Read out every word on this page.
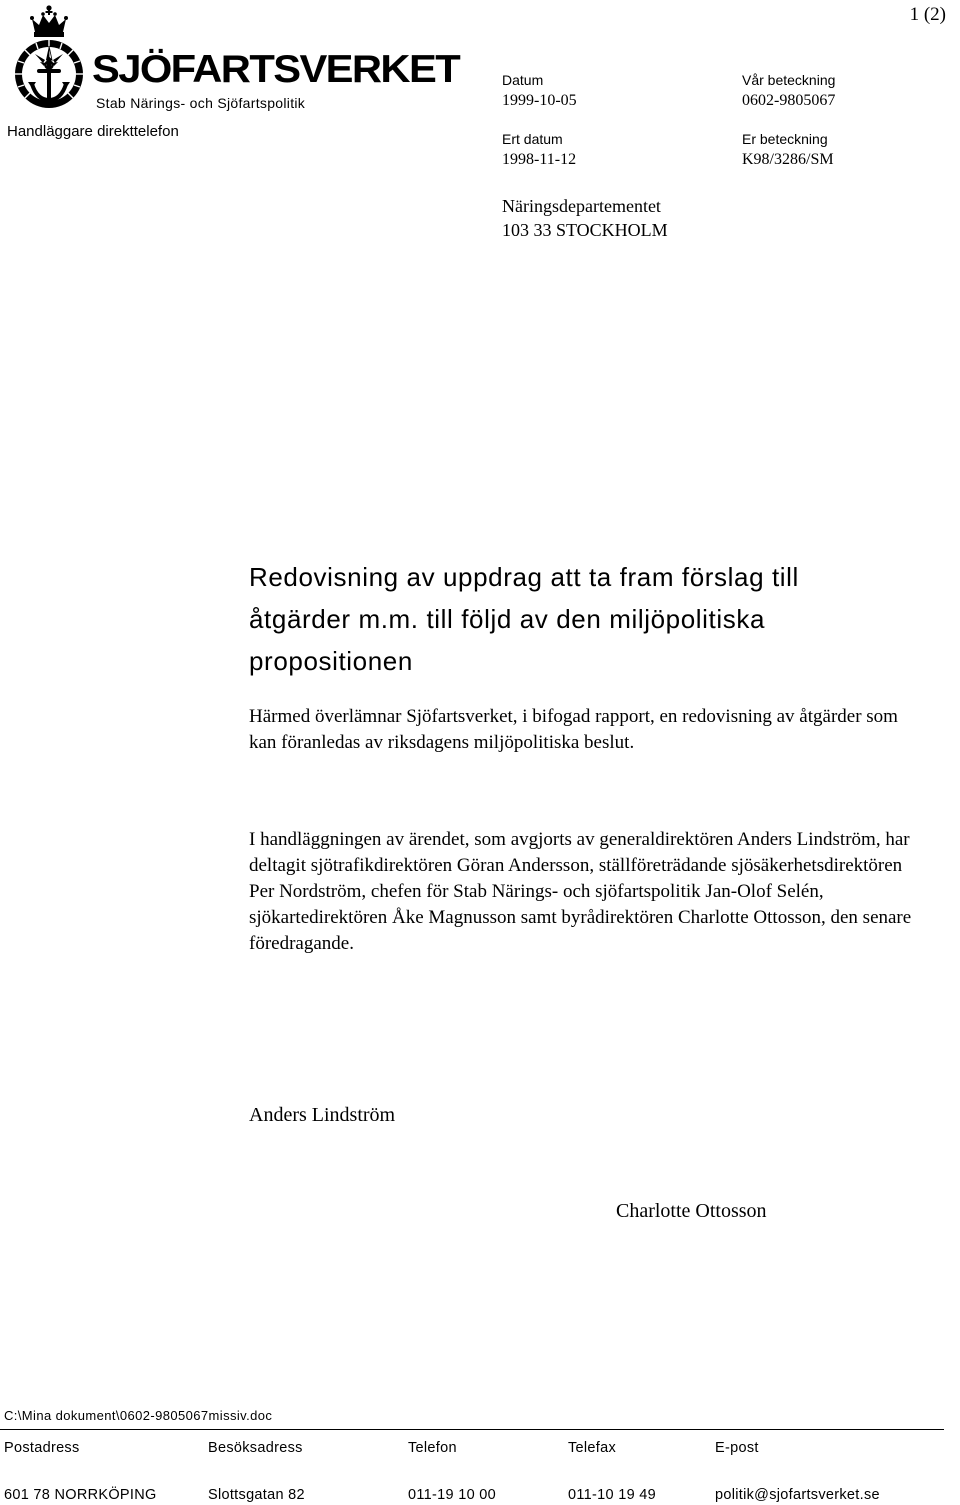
1 (2)
SJÖFARTSVERKET
Stab Närings- och Sjöfartspolitik
Handläggare direkttelefon
Datum
1999-10-05
Vår beteckning
0602-9805067
Ert datum
1998-11-12
Er beteckning
K98/3286/SM
Näringsdepartementet
103 33 STOCKHOLM
Redovisning av uppdrag att ta fram förslag till åtgärder m.m. till följd av den miljöpolitiska propositionen
Härmed överlämnar Sjöfartsverket, i bifogad rapport, en redovisning av åtgärder som kan föranledas av riksdagens miljöpolitiska beslut.
I handläggningen av ärendet, som avgjorts av generaldirektören Anders Lindström, har deltagit sjötrafikdirektören Göran Andersson, ställföreträdande sjösäkerhetsdirektören Per Nordström, chefen för Stab Närings- och sjöfartspolitik Jan-Olof Selén, sjökartedirektören Åke Magnusson samt byrådirektören Charlotte Ottosson, den senare föredragande.
Anders Lindström
Charlotte Ottosson
C:\Mina dokument\0602-9805067missiv.doc
Postadress
601 78 NORRKÖPING
Besöksadress
Slottsgatan 82
Telefon
011-19 10 00
Telefax
011-10 19 49
E-post
politik@sjofartsverket.se
